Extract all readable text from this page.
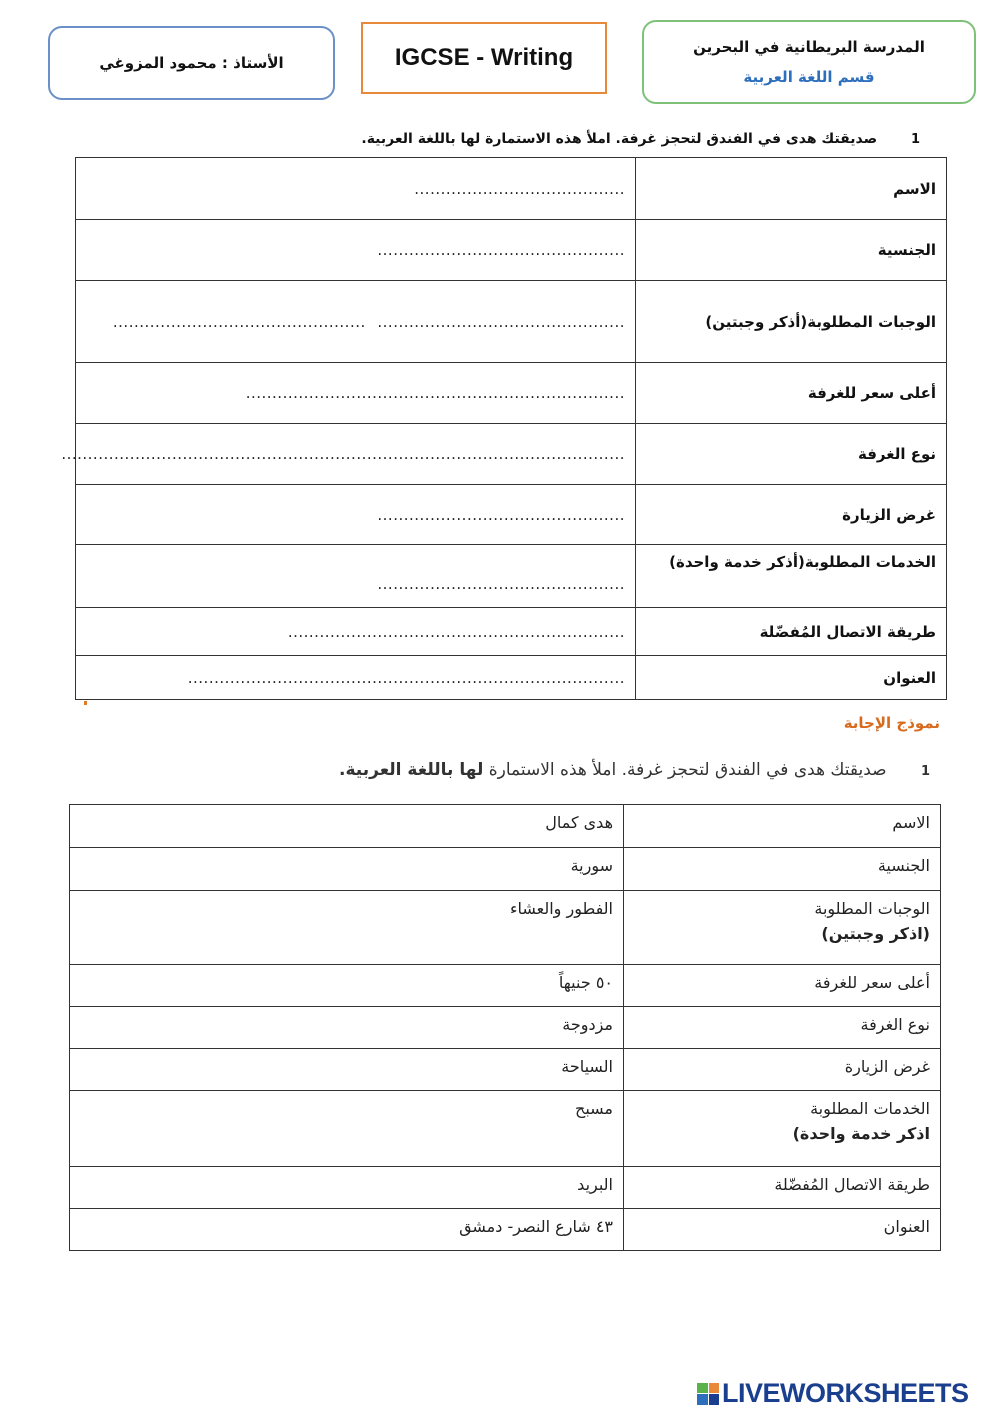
الأستاذ : محمود المزوغي	IGCSE - Writing	المدرسة البريطانية في البحرين
قسم اللغة العربية
1 صديقتك هدى في الفندق لتحجز غرفة. املأ هذه الاستمارة لها باللغة العربية.
الاسم	........................................
الجنسية	...............................................
الوجبات المطلوبة(أذكر وجبتين)	............................................... ................................................
أعلى سعر للغرفة	........................................................................
نوع الغرفة	...........................................................................................................
غرض الزيارة	...............................................
الخدمات المطلوبة(أذكر خدمة واحدة)	...............................................
طريقة الاتصال المُفضّلة	................................................................
العنوان	...................................................................................
نموذج الإجابة
1 صديقتك هدى في الفندق لتحجز غرفة. املأ هذه الاستمارة لها باللغة العربية.
الاسم	هدى كمال
الجنسية	سورية

الوجبات المطلوبة
(اذكر وجبتين)	الفطور والعشاء
أعلى سعر للغرفة	٥٠ جنيهاً
نوع الغرفة	مزدوجة
غرض الزيارة	السياحة

الخدمات المطلوبة
اذكر خدمة واحدة)	مسبح
طريقة الاتصال المُفضّلة	البريد
العنوان	٤٣ شارع النصر- دمشق
LIVEWORKSHEETS
